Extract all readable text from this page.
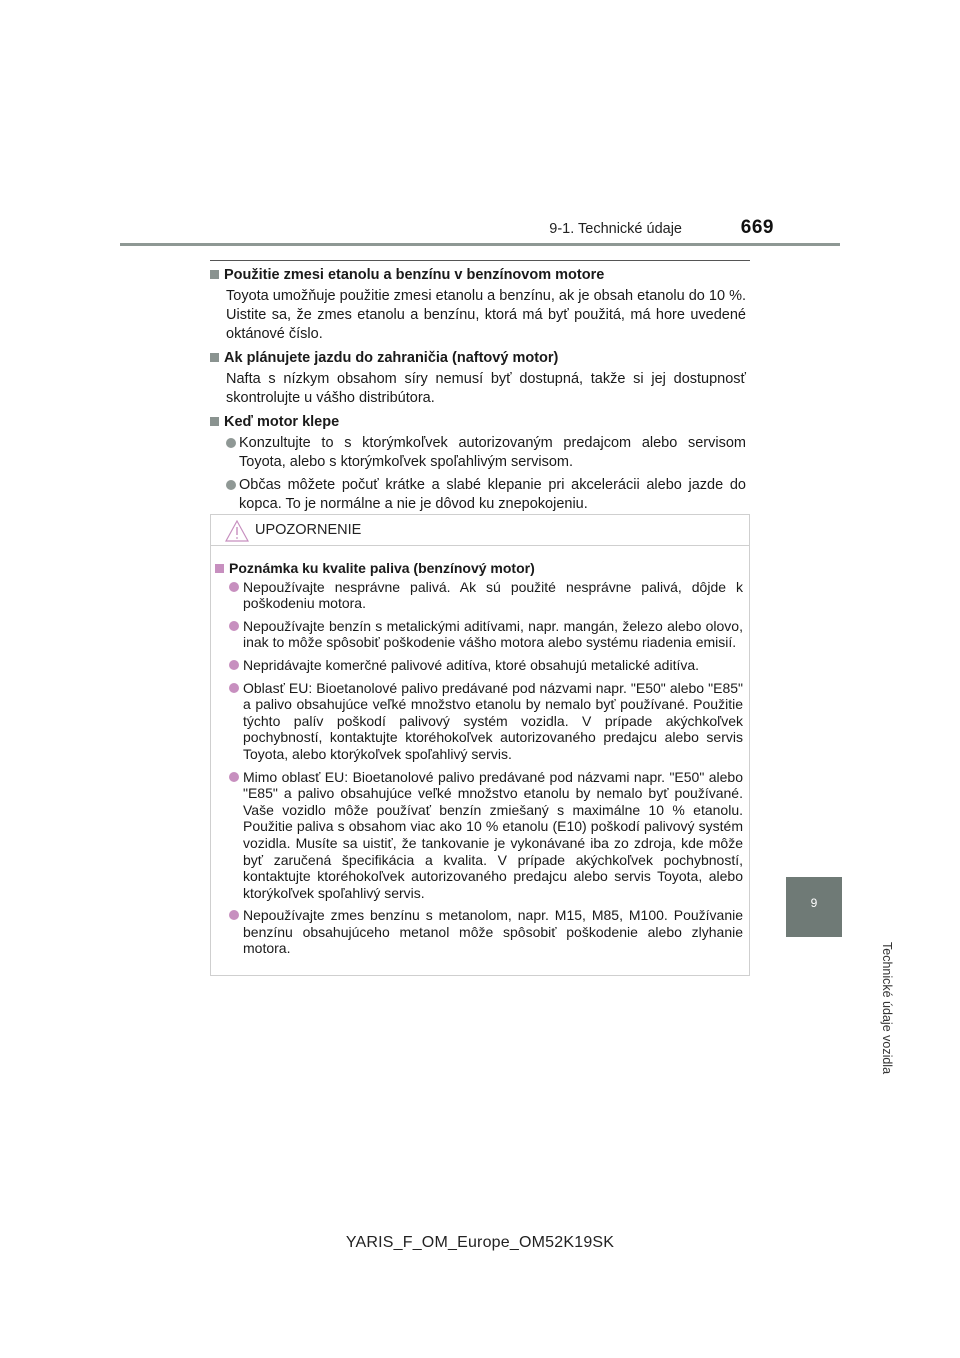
9-1. Technické údaje	669
9
Technické údaje vozidla
Použitie zmesi etanolu a benzínu v benzínovom motore
Toyota umožňuje použitie zmesi etanolu a benzínu, ak je obsah etanolu do 10 %. Uistite sa, že zmes etanolu a benzínu, ktorá má byť použitá, má hore uvedené oktánové číslo.
Ak plánujete jazdu do zahraničia (naftový motor)
Nafta s nízkym obsahom síry nemusí byť dostupná, takže si jej dostupnosť skontrolujte u vášho distribútora.
Keď motor klepe
Konzultujte to s ktorýmkoľvek autorizovaným predajcom alebo servisom Toyota, alebo s ktorýmkoľvek spoľahlivým servisom.
Občas môžete počuť krátke a slabé klepanie pri akcelerácii alebo jazde do kopca. To je normálne a nie je dôvod ku znepokojeniu.
UPOZORNENIE
Poznámka ku kvalite paliva (benzínový motor)
Nepoužívajte nesprávne palivá. Ak sú použité nesprávne palivá, dôjde k poškodeniu motora.
Nepoužívajte benzín s metalickými aditívami, napr. mangán, železo alebo olovo, inak to môže spôsobiť poškodenie vášho motora alebo systému riadenia emisií.
Nepridávajte komerčné palivové aditíva, ktoré obsahujú metalické aditíva.
Oblasť EU: Bioetanolové palivo predávané pod názvami napr. "E50" alebo "E85" a palivo obsahujúce veľké množstvo etanolu by nemalo byť používané. Použitie týchto palív poškodí palivový systém vozidla. V prípade akýchkoľvek pochybností, kontaktujte ktoréhokoľvek autorizovaného predajcu alebo servis Toyota, alebo ktorýkoľvek spoľahlivý servis.
Mimo oblasť EU: Bioetanolové palivo predávané pod názvami napr. "E50" alebo "E85" a palivo obsahujúce veľké množstvo etanolu by nemalo byť používané. Vaše vozidlo môže používať benzín zmiešaný s maximálne 10 % etanolu. Použitie paliva s obsahom viac ako 10 % etanolu (E10) poškodí palivový systém vozidla. Musíte sa uistiť, že tankovanie je vykonávané iba zo zdroja, kde môže byť zaručená špecifikácia a kvalita. V prípade akýchkoľvek pochybností, kontaktujte ktoréhokoľvek autorizovaného predajcu alebo servis Toyota, alebo ktorýkoľvek spoľahlivý servis.
Nepoužívajte zmes benzínu s metanolom, napr. M15, M85, M100. Používanie benzínu obsahujúceho metanol môže spôsobiť poškodenie alebo zlyhanie motora.
YARIS_F_OM_Europe_OM52K19SK
